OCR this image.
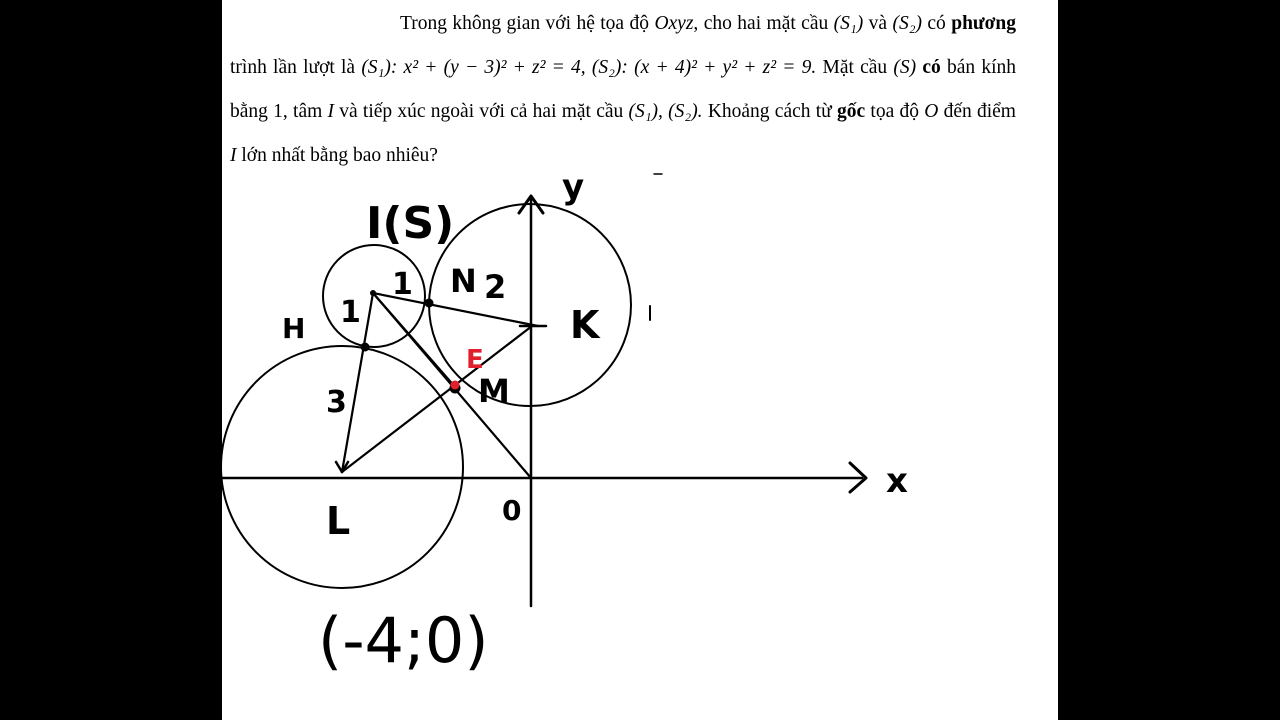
Trong không gian với hệ tọa độ Oxyz, cho hai mặt cầu (S₁) và (S₂) có phương trình lần lượt là (S₁): x² + (y − 3)² + z² = 4, (S₂): (x + 4)² + y² + z² = 9. Mặt cầu (S) có bán kính bằng 1, tâm I và tiếp xúc ngoài với cả hai mặt cầu (S₁), (S₂). Khoảng cách từ gốc tọa độ O đến điểm I lớn nhất bằng bao nhiêu?
I(S)
y
x
0
L
K
H
N
M
E
1
1
2
3
(-4;0)
